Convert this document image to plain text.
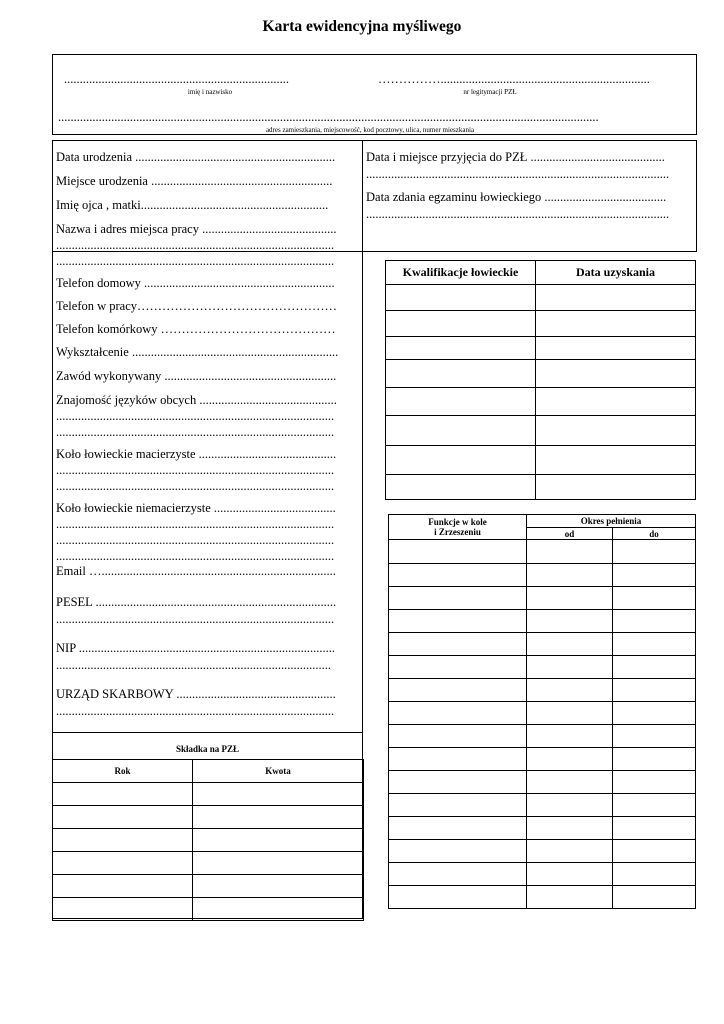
Karta ewidencyjna myśliwego
........................................................................
imię i nazwisko
……………...................................................................
nr legitymacji PZŁ
.............................................................................................................................................................................
adres zamieszkania, miejscowość, kod pocztowy, ulica, numer mieszkania
Data urodzenia ................................................................
Miejsce urodzenia ..........................................................
Imię ojca , matki............................................................
Nazwa i adres miejsca pracy ...........................................
.........................................................................................
.........................................................................................
Telefon domowy .............................................................
Telefon w pracy…………………………………………
Telefon komórkowy ……………………………………
Wykształcenie ..................................................................
Zawód wykonywany .......................................................
Znajomość języków obcych ............................................
.........................................................................................
.........................................................................................
Koło łowieckie macierzyste ............................................
.........................................................................................
.........................................................................................
Koło łowieckie niemacierzyste .......................................
.........................................................................................
.........................................................................................
.........................................................................................
Email …...........................................................................
PESEL .............................................................................
.........................................................................................
NIP ..................................................................................
........................................................................................
URZĄD SKARBOWY ...................................................
.........................................................................................
Data i miejsce przyjęcia do PZŁ ...........................................
.................................................................................................
Data zdania egzaminu łowieckiego .......................................
.................................................................................................
Rok	Kwota

Składka na PZŁ
Kwalifikacje łowieckie	Data uzyskania

Funkcje w kole
i Zrzeszeniu	Okres pełnienia	
	od	do
